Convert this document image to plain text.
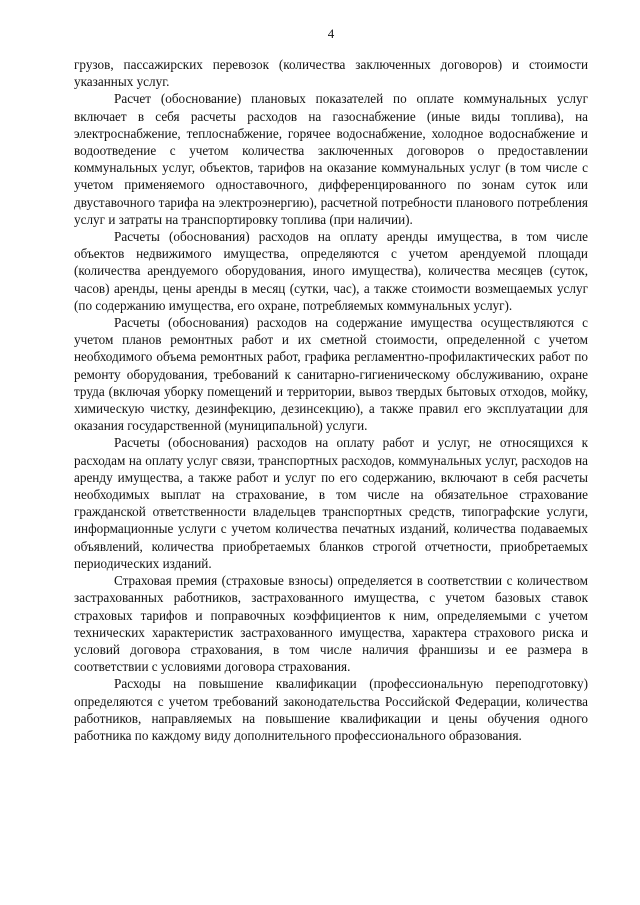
4

грузов, пассажирских перевозок (количества заключенных договоров) и стоимости указанных услуг.

Расчет (обоснование) плановых показателей по оплате коммунальных услуг включает в себя расчеты расходов на газоснабжение (иные виды топлива), на электроснабжение, теплоснабжение, горячее водоснабжение, холодное водоснабжение и водоотведение с учетом количества заключенных договоров о предоставлении коммунальных услуг, объектов, тарифов на оказание коммунальных услуг (в том числе с учетом применяемого одноставочного, дифференцированного по зонам суток или двуставочного тарифа на электроэнергию), расчетной потребности планового потребления услуг и затраты на транспортировку топлива (при наличии).

Расчеты (обоснования) расходов на оплату аренды имущества, в том числе объектов недвижимого имущества, определяются с учетом арендуемой площади (количества арендуемого оборудования, иного имущества), количества месяцев (суток, часов) аренды, цены аренды в месяц (сутки, час), а также стоимости возмещаемых услуг (по содержанию имущества, его охране, потребляемых коммунальных услуг).

Расчеты (обоснования) расходов на содержание имущества осуществляются с учетом планов ремонтных работ и их сметной стоимости, определенной с учетом необходимого объема ремонтных работ, графика регламентно-профилактических работ по ремонту оборудования, требований к санитарно-гигиеническому обслуживанию, охране труда (включая уборку помещений и территории, вывоз твердых бытовых отходов, мойку, химическую чистку, дезинфекцию, дезинсекцию), а также правил его эксплуатации для оказания государственной (муниципальной) услуги.

Расчеты (обоснования) расходов на оплату работ и услуг, не относящихся к расходам на оплату услуг связи, транспортных расходов, коммунальных услуг, расходов на аренду имущества, а также работ и услуг по его содержанию, включают в себя расчеты необходимых выплат на страхование, в том числе на обязательное страхование гражданской ответственности владельцев транспортных средств, типографские услуги, информационные услуги с учетом количества печатных изданий, количества подаваемых объявлений, количества приобретаемых бланков строгой отчетности, приобретаемых периодических изданий.

Страховая премия (страховые взносы) определяется в соответствии с количеством застрахованных работников, застрахованного имущества, с учетом базовых ставок страховых тарифов и поправочных коэффициентов к ним, определяемыми с учетом технических характеристик застрахованного имущества, характера страхового риска и условий договора страхования, в том числе наличия франшизы и ее размера в соответствии с условиями договора страхования.

Расходы на повышение квалификации (профессиональную переподготовку) определяются с учетом требований законодательства Российской Федерации, количества работников, направляемых на повышение квалификации и цены обучения одного работника по каждому виду дополнительного профессионального образования.
